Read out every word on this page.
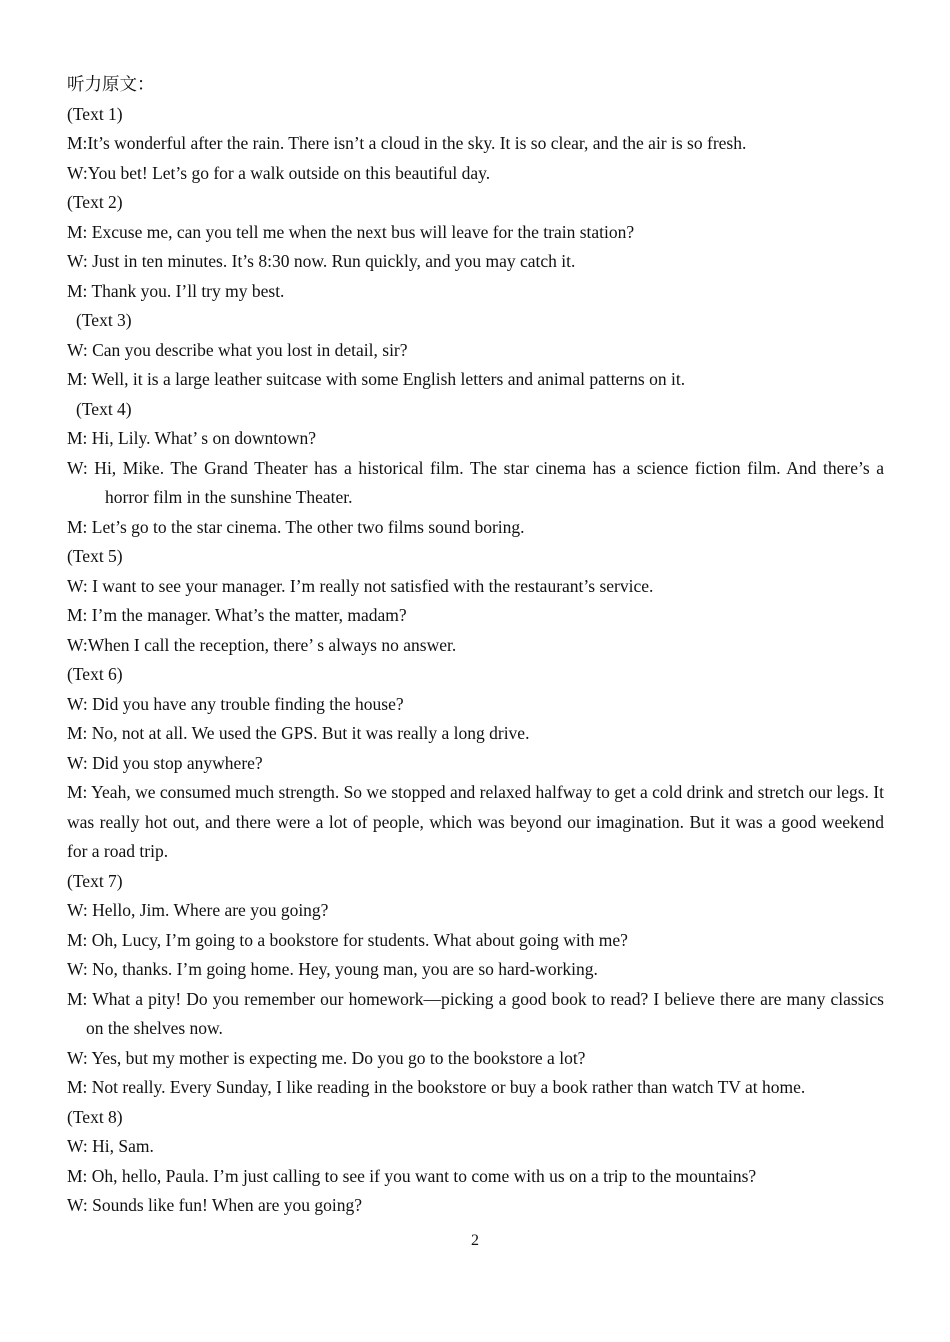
听力原文：
(Text 1)
M:It’s wonderful after the rain. There isn’t a cloud in the sky. It is so clear, and the air is so fresh.
W:You bet! Let’s go for a walk outside on this beautiful day.
(Text 2)
M: Excuse me, can you tell me when the next bus will leave for the train station?
W: Just in ten minutes. It’s 8:30 now. Run quickly, and you may catch it.
M: Thank you. I’ll try my best.
(Text 3)
W: Can you describe what you lost in detail, sir?
M: Well, it is a large leather suitcase with some English letters and animal patterns on it.
(Text 4)
M: Hi, Lily. What’ s on downtown?
W: Hi, Mike. The Grand Theater has a historical film. The star cinema has a science fiction film. And there’s a horror film in the sunshine Theater.
M: Let’s go to the star cinema. The other two films sound boring.
(Text 5)
W: I want to see your manager. I’m really not satisfied with the restaurant’s service.
M: I’m the manager. What’s the matter, madam?
W:When I call the reception, there’ s always no answer.
(Text 6)
W: Did you have any trouble finding the house?
M: No, not at all. We used the GPS. But it was really a long drive.
W: Did you stop anywhere?
M: Yeah, we consumed much strength. So we stopped and relaxed halfway to get a cold drink and stretch our legs. It was really hot out, and there were a lot of people, which was beyond our imagination. But it was a good weekend for a road trip.
(Text 7)
W: Hello, Jim. Where are you going?
M: Oh, Lucy, I’m going to a bookstore for students. What about going with me?
W: No, thanks. I’m going home. Hey, young man, you are so hard-working.
M: What a pity! Do you remember our homework—picking a good book to read? I believe there are many classics on the shelves now.
W: Yes, but my mother is expecting me. Do you go to the bookstore a lot?
M: Not really. Every Sunday, I like reading in the bookstore or buy a book rather than watch TV at home.
(Text 8)
W: Hi, Sam.
M: Oh, hello, Paula. I’m just calling to see if you want to come with us on a trip to the mountains?
W: Sounds like fun! When are you going?
2
